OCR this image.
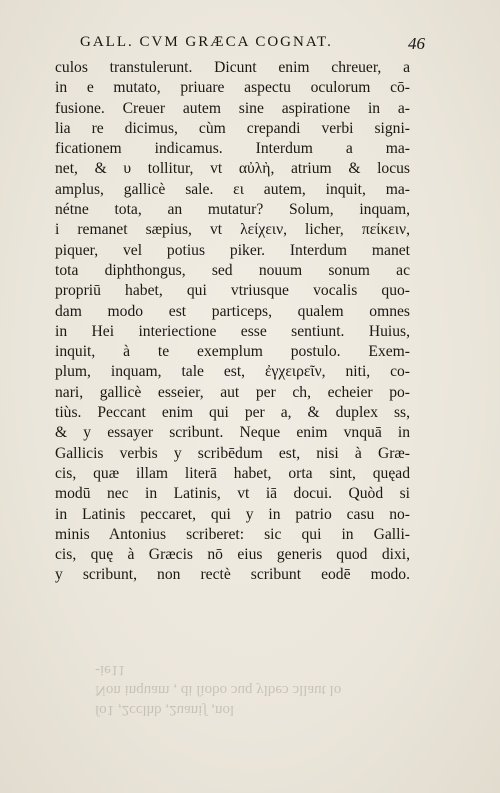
GALL. CVM GRÆCA COGNAT.	46
culos transtulerunt. Dicunt enim chreuer, a
in e mutato, priuare aspectu oculorum cō-
fusione. Creuer autem sine aspiratione in a-
lia re dicimus, cùm crepandi verbi signi-
ficationem indicamus. Interdum a ma-
net, & υ tollitur, vt αὐλὴ, atrium & locus
amplus, gallicè sale. ει autem, inquit, ma-
nétne tota, an mutatur? Solum, inquam,
i remanet sæpius, vt λείχειν, licher, πείκειν,
piquer, vel potius piker. Interdum manet
tota diphthongus, sed nouum sonum ac
propriū habet, qui vtriusque vocalis quo-
dam modo est particeps, qualem omnes
in Hei interiectione esse sentiunt. Huius,
inquit, à te exemplum postulo. Exem-
plum, inquam, tale est, ἐγχειρεῖν, niti, co-
nari, gallicè esseier, aut per ch, echeier po-
tiùs. Peccant enim qui per a, & duplex ss,
& y essayer scribunt. Neque enim vnquā in
Gallicis verbis y scribēdum est, nisi à Græ-
cis, quæ illam literā habet, orta sint, quęad
modū nec in Latinis, vt iā docui. Quòd si
in Latinis peccaret, qui y in patrio casu no-
minis Antonius scriberet: sic qui in Galli-
cis, quę à Græcis nō eius generis quod dixi,
y scribunt, non rectè scribunt eodē modo.
ſo1 ,2cclhb ,2uaniʃ ,nol
Non inquam , di ſiobo ɔuq ylbeɔ ɔllaut lo
-ie11
